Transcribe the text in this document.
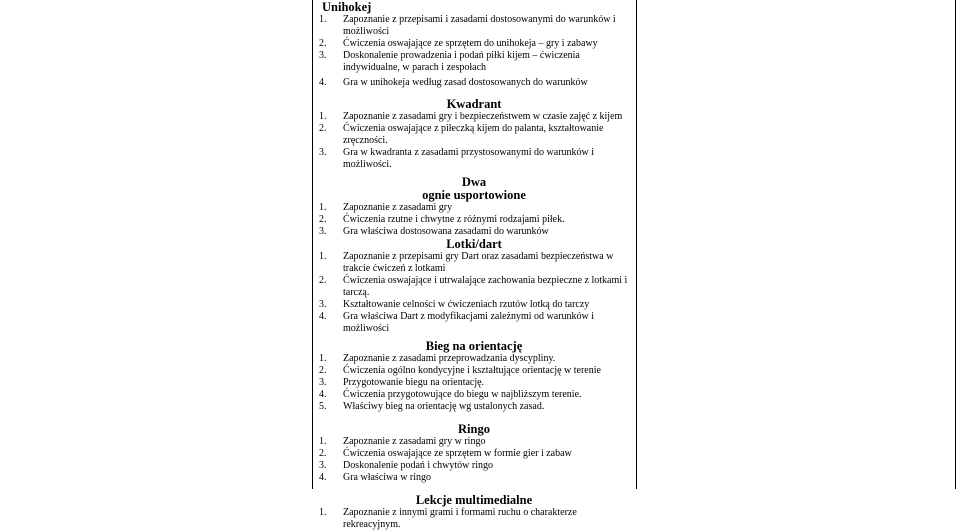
Unihokej

1.	Zapoznanie z przepisami i zasadami dostosowanymi do warunków i możliwości
2.	Ćwiczenia oswajające ze sprzętem do unihokeja – gry i zabawy
3.	Doskonalenie prowadzenia i podań piłki kijem – ćwiczenia indywidualne, w parach i zespołach
4.	Gra w unihokeja według zasad dostosowanych do warunków

Kwadrant

1.	Zapoznanie z zasadami gry i bezpieczeństwem w czasie zajęć z kijem
2.	Ćwiczenia oswajające z piłeczką kijem do palanta, kształtowanie zręczności.
3.	Gra w kwadranta z zasadami przystosowanymi do warunków i możliwości.

Dwa

ognie usportowione

1.	Zapoznanie z zasadami gry
2.	Ćwiczenia rzutne i chwytne z różnymi rodzajami piłek.
3.	Gra właściwa dostosowana zasadami do warunków

Lotki/dart

1.	Zapoznanie z przepisami gry Dart oraz zasadami bezpieczeństwa w trakcie ćwiczeń z lotkami
2.	Ćwiczenia oswajające i utrwalające zachowania bezpieczne z lotkami i tarczą.
3.	Kształtowanie celności w ćwiczeniach rzutów lotką do tarczy
4.	Gra właściwa Dart z modyfikacjami zależnymi od warunków i możliwości

Bieg na orientację

1.	Zapoznanie z zasadami przeprowadzania dyscypliny.
2.	Ćwiczenia ogólno kondycyjne i kształtujące orientację w terenie
3.	Przygotowanie biegu na orientację.
4.	Ćwiczenia przygotowujące do biegu w najbliższym terenie.
5.	Właściwy bieg na orientację wg ustalonych zasad.

Ringo

1.	Zapoznanie z zasadami gry w ringo
2.	Ćwiczenia oswajające ze sprzętem w formie gier i zabaw
3.	Doskonalenie podań i chwytów ringo
4.	Gra właściwa w ringo

Lekcje multimedialne

1.	Zapoznanie z innymi grami i formami ruchu o charakterze rekreacyjnym.
